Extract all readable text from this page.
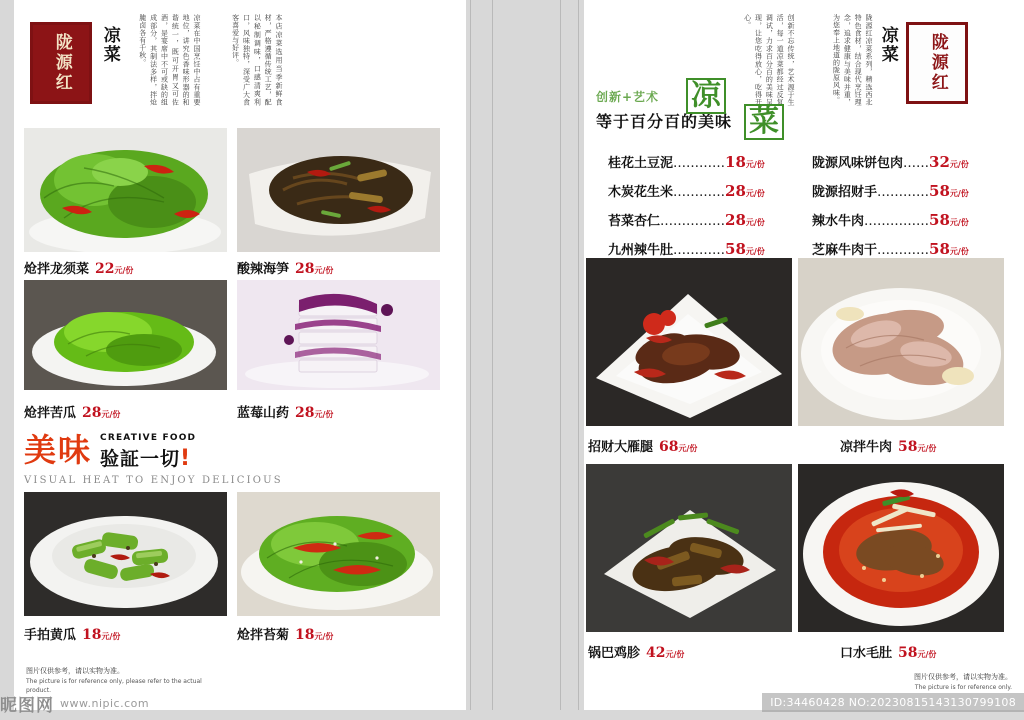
陇源红 凉菜	凉菜在中国烹饪中占有重要地位，讲究色香味形器的和谐统一，既可开胃又可佐酒，是宴席中不可或缺的组成部分，其制法多样，拌炝腌卤各有千秋。	本店凉菜选用当季新鲜食材，严格遵循传统工艺，配以秘制调味，口感清爽利口，风味独特，深受广大食客喜爱与好评。
炝拌龙须菜 22元/份	酸辣海笋 28元/份
炝拌苦瓜 28元/份	蓝莓山药 28元/份
美味 CREATIVE FOOD
验証一切!
VISUAL HEAT TO ENJOY DELICIOUS
手拍黄瓜 18元/份	炝拌苔菊 18元/份
图片仅供参考，请以实物为准。
The picture is for reference only, please refer to the actual product.
陇源红
凉菜
陇源红凉菜系列，精选西北特色食材，结合现代烹饪理念，追求健康与美味并重，为您奉上地道的陇原风味。
创新不忘传统，艺术源于生活，每一道凉菜都经过反复调试，力求百分百的美味呈现，让您吃得放心，吃得开心。
创新+艺术
等于百分百的美味
凉
菜
桂花土豆泥…………18元/份
木炭花生米…………28元/份
苔菜杏仁……………28元/份
九州辣牛肚…………58元/份
陇源风味饼包肉……32元/份
陇源招财手…………58元/份
辣水牛肉……………58元/份
芝麻牛肉干…………58元/份
招财大雁腿 68元/份	凉拌牛肉 58元/份
锅巴鸡胗 42元/份	口水毛肚 58元/份
图片仅供参考，请以实物为准。
The picture is for reference only.
昵图网 www.nipic.com	ID:34460428 NO:20230815143130799108
